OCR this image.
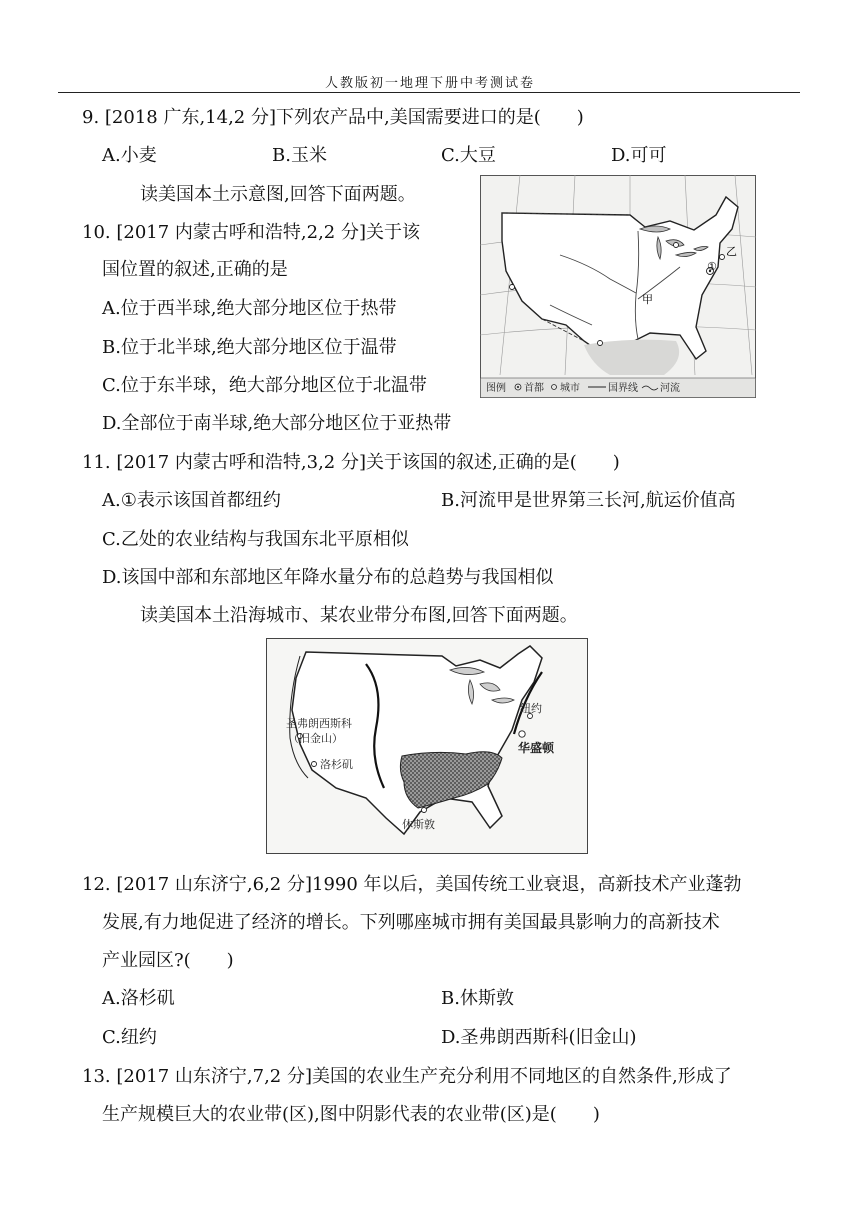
人教版初一地理下册中考测试卷
9. [2018 广东,14,2 分]下列农产品中,美国需要进口的是(　　)
A.小麦	B.玉米	C.大豆	D.可可
读美国本土示意图,回答下面两题。
10. [2017 内蒙古呼和浩特,2,2 分]关于该
国位置的叙述,正确的是
A.位于西半球,绝大部分地区位于热带
B.位于北半球,绝大部分地区位于温带
C.位于东半球，绝大部分地区位于北温带
D.全部位于南半球,绝大部分地区位于亚热带
①
乙
甲
图例 首都 城市	国界线 河流
11. [2017 内蒙古呼和浩特,3,2 分]关于该国的叙述,正确的是(　　)
A.①表示该国首都纽约	B.河流甲是世界第三长河,航运价值高
C.乙处的农业结构与我国东北平原相似
D.该国中部和东部地区年降水量分布的总趋势与我国相似
读美国本土沿海城市、某农业带分布图,回答下面两题。
圣弗朗西斯科
（旧金山）
洛杉矶
休斯敦
纽约
华盛顿
12. [2017 山东济宁,6,2 分]1990 年以后，美国传统工业衰退，高新技术产业蓬勃
发展,有力地促进了经济的增长。下列哪座城市拥有美国最具影响力的高新技术
产业园区?(　　)
A.洛杉矶	B.休斯敦
C.纽约	D.圣弗朗西斯科(旧金山)
13. [2017 山东济宁,7,2 分]美国的农业生产充分利用不同地区的自然条件,形成了
生产规模巨大的农业带(区),图中阴影代表的农业带(区)是(　　)
